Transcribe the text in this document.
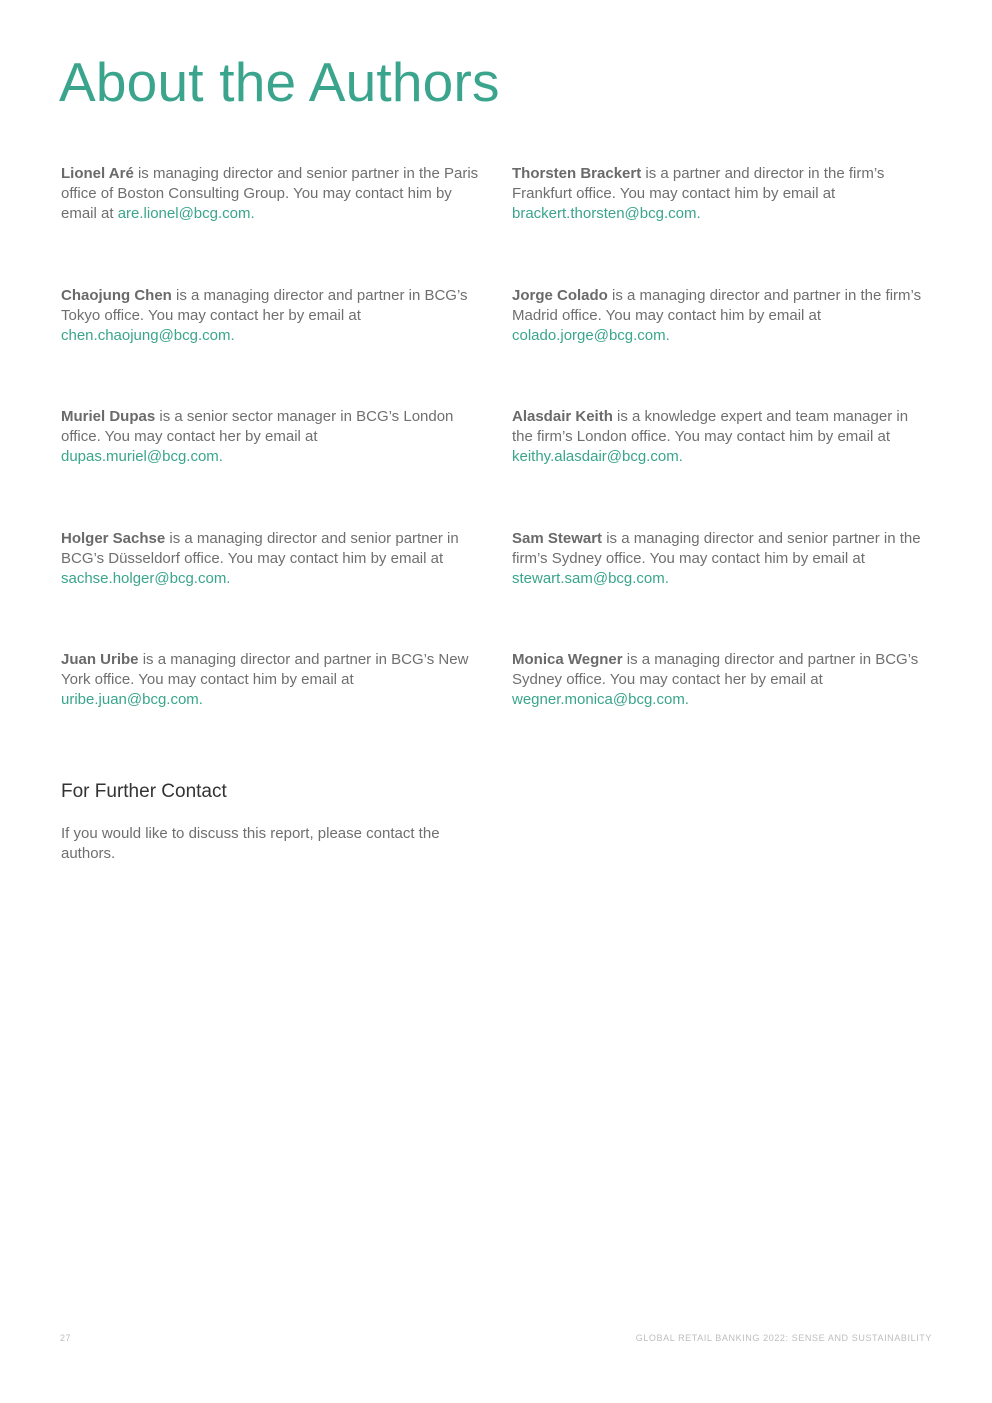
About the Authors
Lionel Aré is managing director and senior partner in the Paris office of Boston Consulting Group. You may contact him by email at are.lionel@bcg.com.
Thorsten Brackert is a partner and director in the firm’s Frankfurt office. You may contact him by email at brackert.thorsten@bcg.com.
Chaojung Chen is a managing director and partner in BCG’s Tokyo office. You may contact her by email at chen.chaojung@bcg.com.
Jorge Colado is a managing director and partner in the firm’s Madrid office. You may contact him by email at colado.jorge@bcg.com.
Muriel Dupas is a senior sector manager in BCG’s London office. You may contact her by email at dupas.muriel@bcg.com.
Alasdair Keith is a knowledge expert and team manager in the firm’s London office. You may contact him by email at keithy.alasdair@bcg.com.
Holger Sachse is a managing director and senior partner in BCG’s Düsseldorf office. You may contact him by email at sachse.holger@bcg.com.
Sam Stewart is a managing director and senior partner in the firm’s Sydney office. You may contact him by email at stewart.sam@bcg.com.
Juan Uribe is a managing director and partner in BCG’s New York office. You may contact him by email at uribe.juan@bcg.com.
Monica Wegner is a managing director and partner in BCG’s Sydney office. You may contact her by email at wegner.monica@bcg.com.
For Further Contact

If you would like to discuss this report, please contact the authors.

27	GLOBAL RETAIL BANKING 2022: SENSE AND SUSTAINABILITY
